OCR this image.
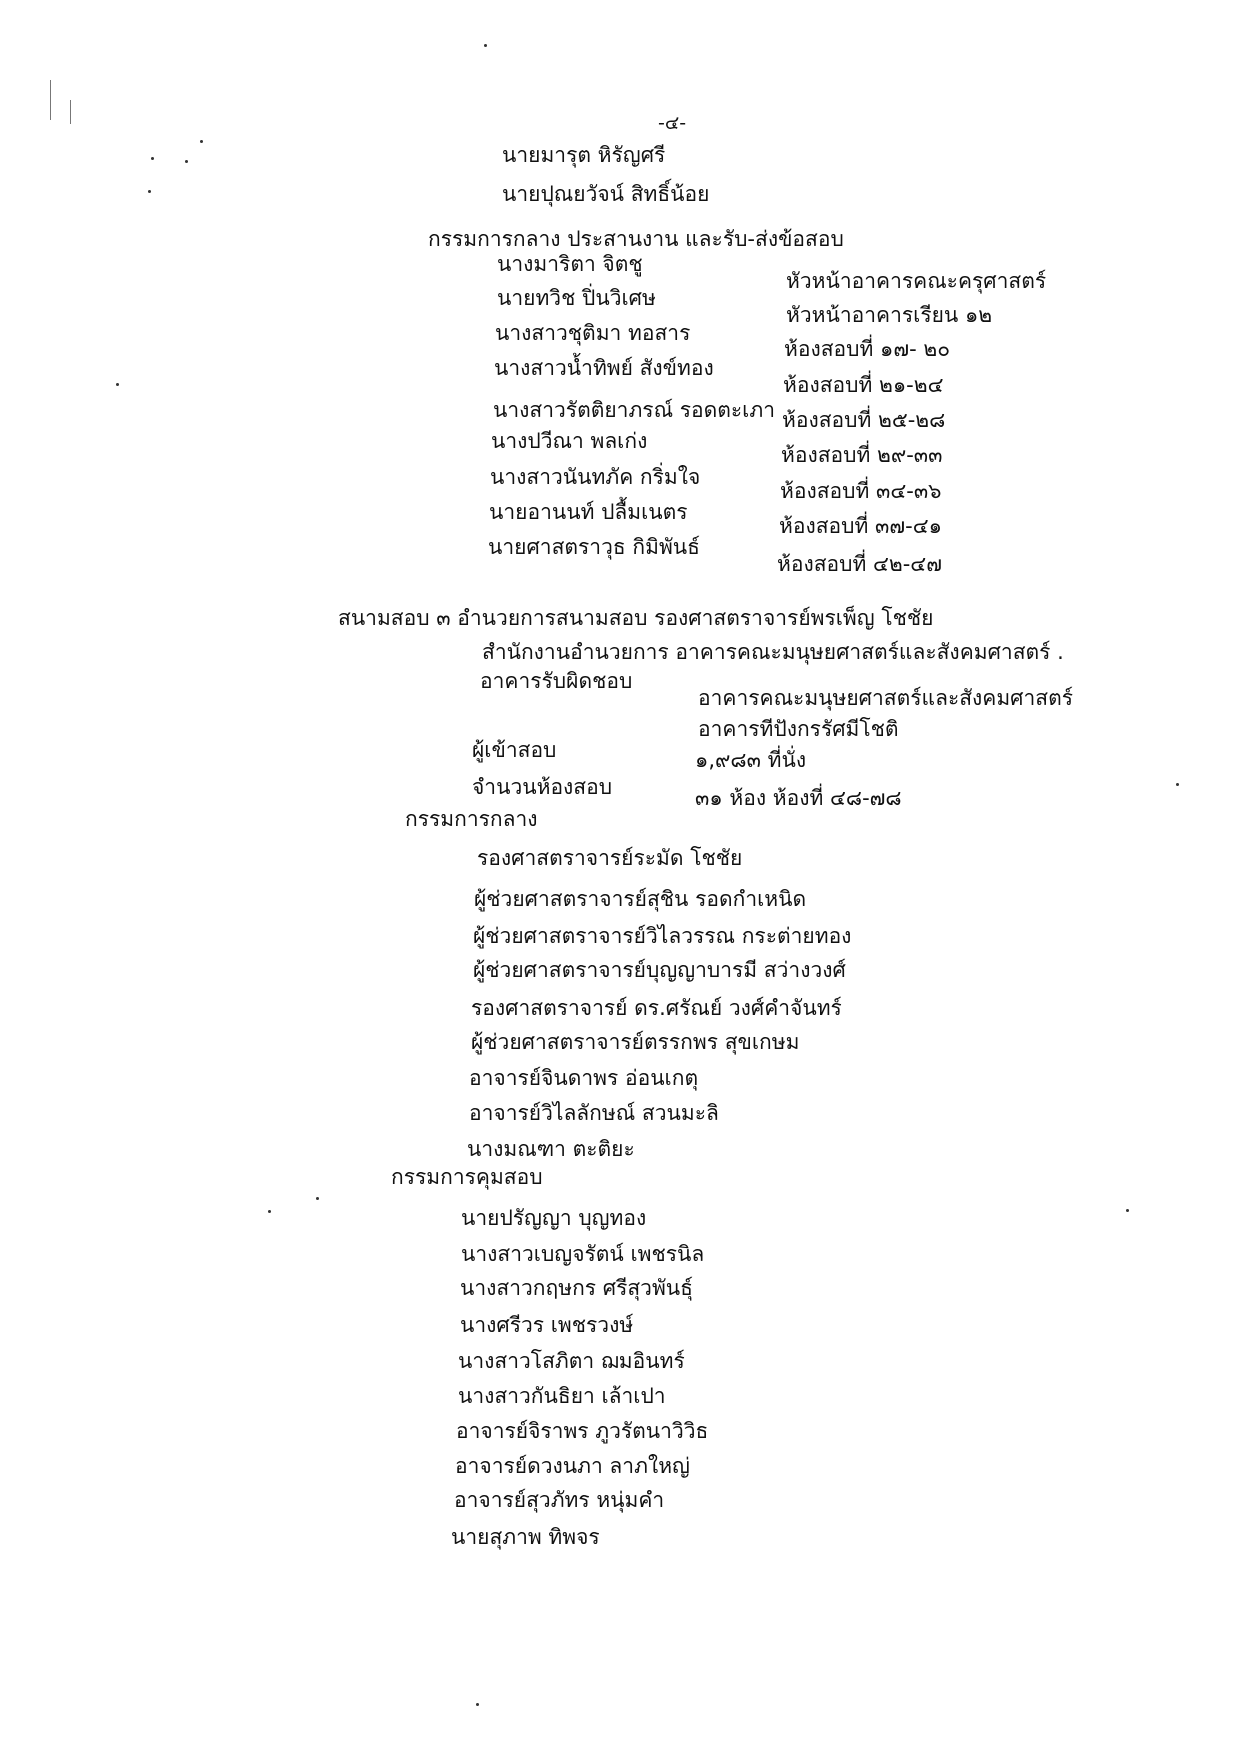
-๔-
นายมารุต หิรัญศรี
นายปุณยวัจน์ สิทธิ์น้อย
กรรมการกลาง ประสานงาน และรับ-ส่งข้อสอบ
นางมาริตา จิตชู
หัวหน้าอาคารคณะครุศาสตร์
นายทวิช ปิ่นวิเศษ
หัวหน้าอาคารเรียน ๑๒
นางสาวชุติมา ทอสาร
ห้องสอบที่ ๑๗- ๒๐
นางสาวน้ำทิพย์ สังข์ทอง
ห้องสอบที่ ๒๑-๒๔
นางสาวรัตติยาภรณ์ รอดตะเภา ห้องสอบที่ ๒๕-๒๘
นางปวีณา พลเก่ง
ห้องสอบที่ ๒๙-๓๓
นางสาวนันทภัค กริ่มใจ
ห้องสอบที่ ๓๔-๓๖
นายอานนท์ ปลื้มเนตร
ห้องสอบที่ ๓๗-๔๑
นายศาสตราวุธ กิมิพันธ์
ห้องสอบที่ ๔๒-๔๗
สนามสอบ ๓ อำนวยการสนามสอบ รองศาสตราจารย์พรเพ็ญ โชชัย
สำนักงานอำนวยการ อาคารคณะมนุษยศาสตร์และสังคมศาสตร์ .
อาคารรับผิดชอบ
อาคารคณะมนุษยศาสตร์และสังคมศาสตร์
อาคารทีปังกรรัศมีโชติ
ผู้เข้าสอบ	๑,๙๘๓ ที่นั่ง
จำนวนห้องสอบ	๓๑ ห้อง ห้องที่ ๔๘-๗๘
กรรมการกลาง
รองศาสตราจารย์ระมัด โชชัย
ผู้ช่วยศาสตราจารย์สุชิน รอดกำเหนิด
ผู้ช่วยศาสตราจารย์วิไลวรรณ กระต่ายทอง
ผู้ช่วยศาสตราจารย์บุญญาบารมี สว่างวงศ์
รองศาสตราจารย์ ดร.ศรัณย์ วงศ์คำจันทร์
ผู้ช่วยศาสตราจารย์ตรรกพร สุขเกษม
อาจารย์จินดาพร อ่อนเกตุ
อาจารย์วิไลลักษณ์ สวนมะลิ
นางมณฑา ตะติยะ
กรรมการคุมสอบ
นายปรัญญา บุญทอง
นางสาวเบญจรัตน์ เพชรนิล
นางสาวกฤษกร ศรีสุวพันธุ์
นางศรีวร เพชรวงษ์
นางสาวโสภิตา ฌมอินทร์
นางสาวกันธิยา เล้าเปา
อาจารย์จิราพร ภูวรัตนาวิวิธ
อาจารย์ดวงนภา ลาภใหญ่
อาจารย์สุวภัทร หนุ่มคำ
นายสุภาพ ทิพจร
